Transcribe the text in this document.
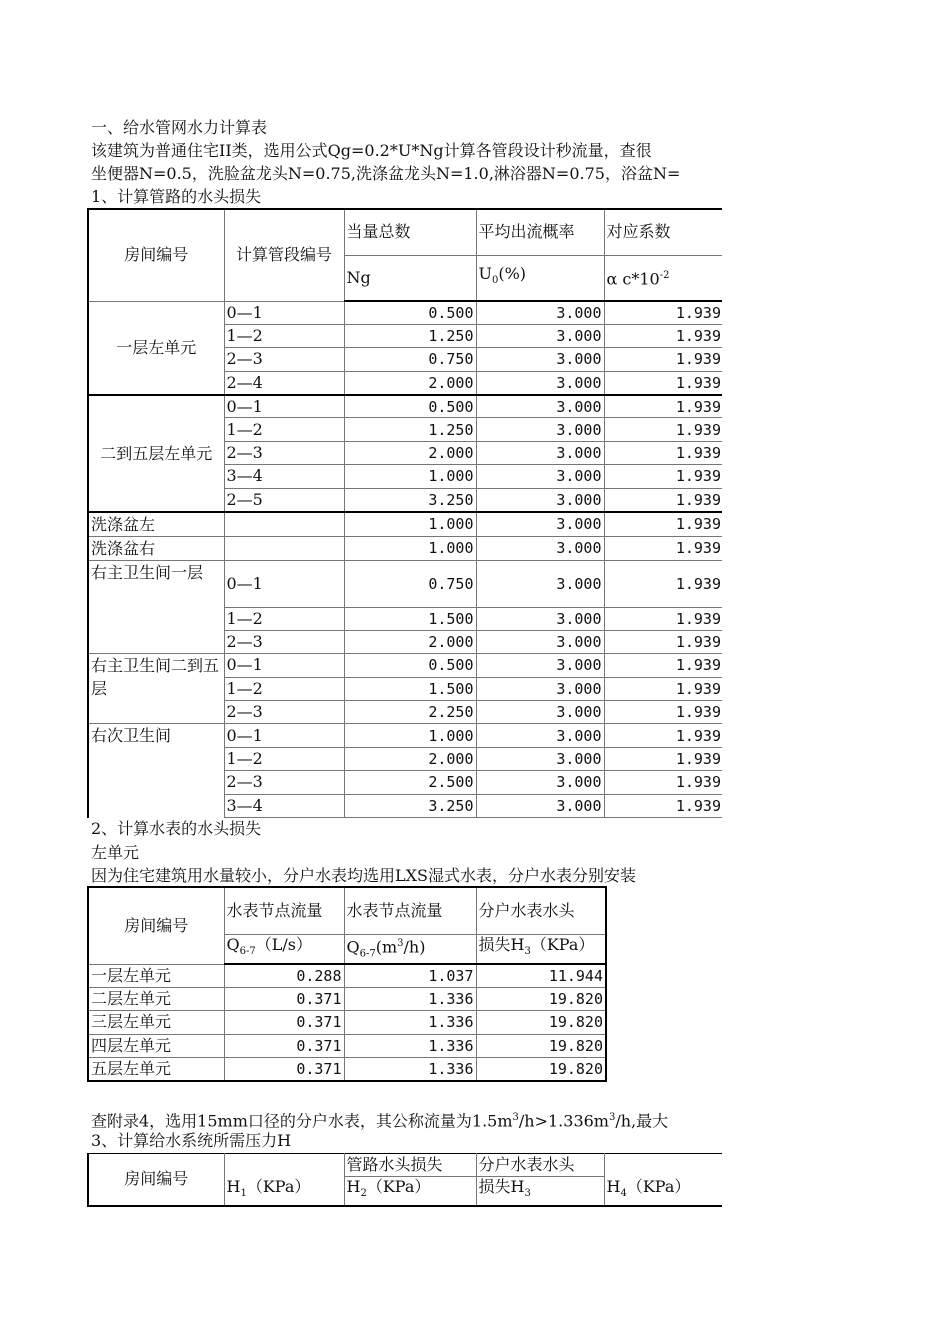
一、给水管网水力计算表
该建筑为普通住宅II类，选用公式Qg=0.2*U*Ng计算各管段设计秒流量，查很
坐便器N=0.5，洗脸盆龙头N=0.75,洗涤盆龙头N=1.0,淋浴器N=0.75，浴盆N=
1、计算管路的水头损失
房间编号	计算管段编号	当量总数	平均出流概率	对应系数
		Ng	$U_0(\%)$	α $c*10^{-2}$
一层左单元	0—1	0.500	3.000	1.939
	1—2	1.250	3.000	1.939
	2—3	0.750	3.000	1.939
	2—4	2.000	3.000	1.939
二到五层左单元	0—1	0.500	3.000	1.939
	1—2	1.250	3.000	1.939
	2—3	2.000	3.000	1.939
	3—4	1.000	3.000	1.939
	2—5	3.250	3.000	1.939
洗涤盆左		1.000	3.000	1.939
洗涤盆右		1.000	3.000	1.939
右主卫生间一层	0—1	0.750	3.000	1.939
	1—2	1.500	3.000	1.939
	2—3	2.000	3.000	1.939
右主卫生间二到五层	0—1	0.500	3.000	1.939
	1—2	1.500	3.000	1.939
	2—3	2.250	3.000	1.939
右次卫生间	0—1	1.000	3.000	1.939
	1—2	2.000	3.000	1.939
	2—3	2.500	3.000	1.939
	3—4	3.250	3.000	1.939
2、计算水表的水头损失
左单元
因为住宅建筑用水量较小，分户水表均选用LXS湿式水表，分户水表分别安装
房间编号	水表节点流量	水表节点流量	分户水表水头
	$Q_{6-7}(L/s)$	$Q_{6-7}(m^3/h)$	损失$H_3(KPa)$
一层左单元	0.288	1.037	11.944
二层左单元	0.371	1.336	19.820
三层左单元	0.371	1.336	19.820
四层左单元	0.371	1.336	19.820
五层左单元	0.371	1.336	19.820
查附录4，选用15mm口径的分户水表，其公称流量为$1.5m^3/h>1.336m^3/h$,最大
3、计算给水系统所需压力H
房间编号		管路水头损失	分户水表水头	
	$H_1(KPa)$	$H_2(KPa)$	损失$H_3$	$H_4(KPa)$
